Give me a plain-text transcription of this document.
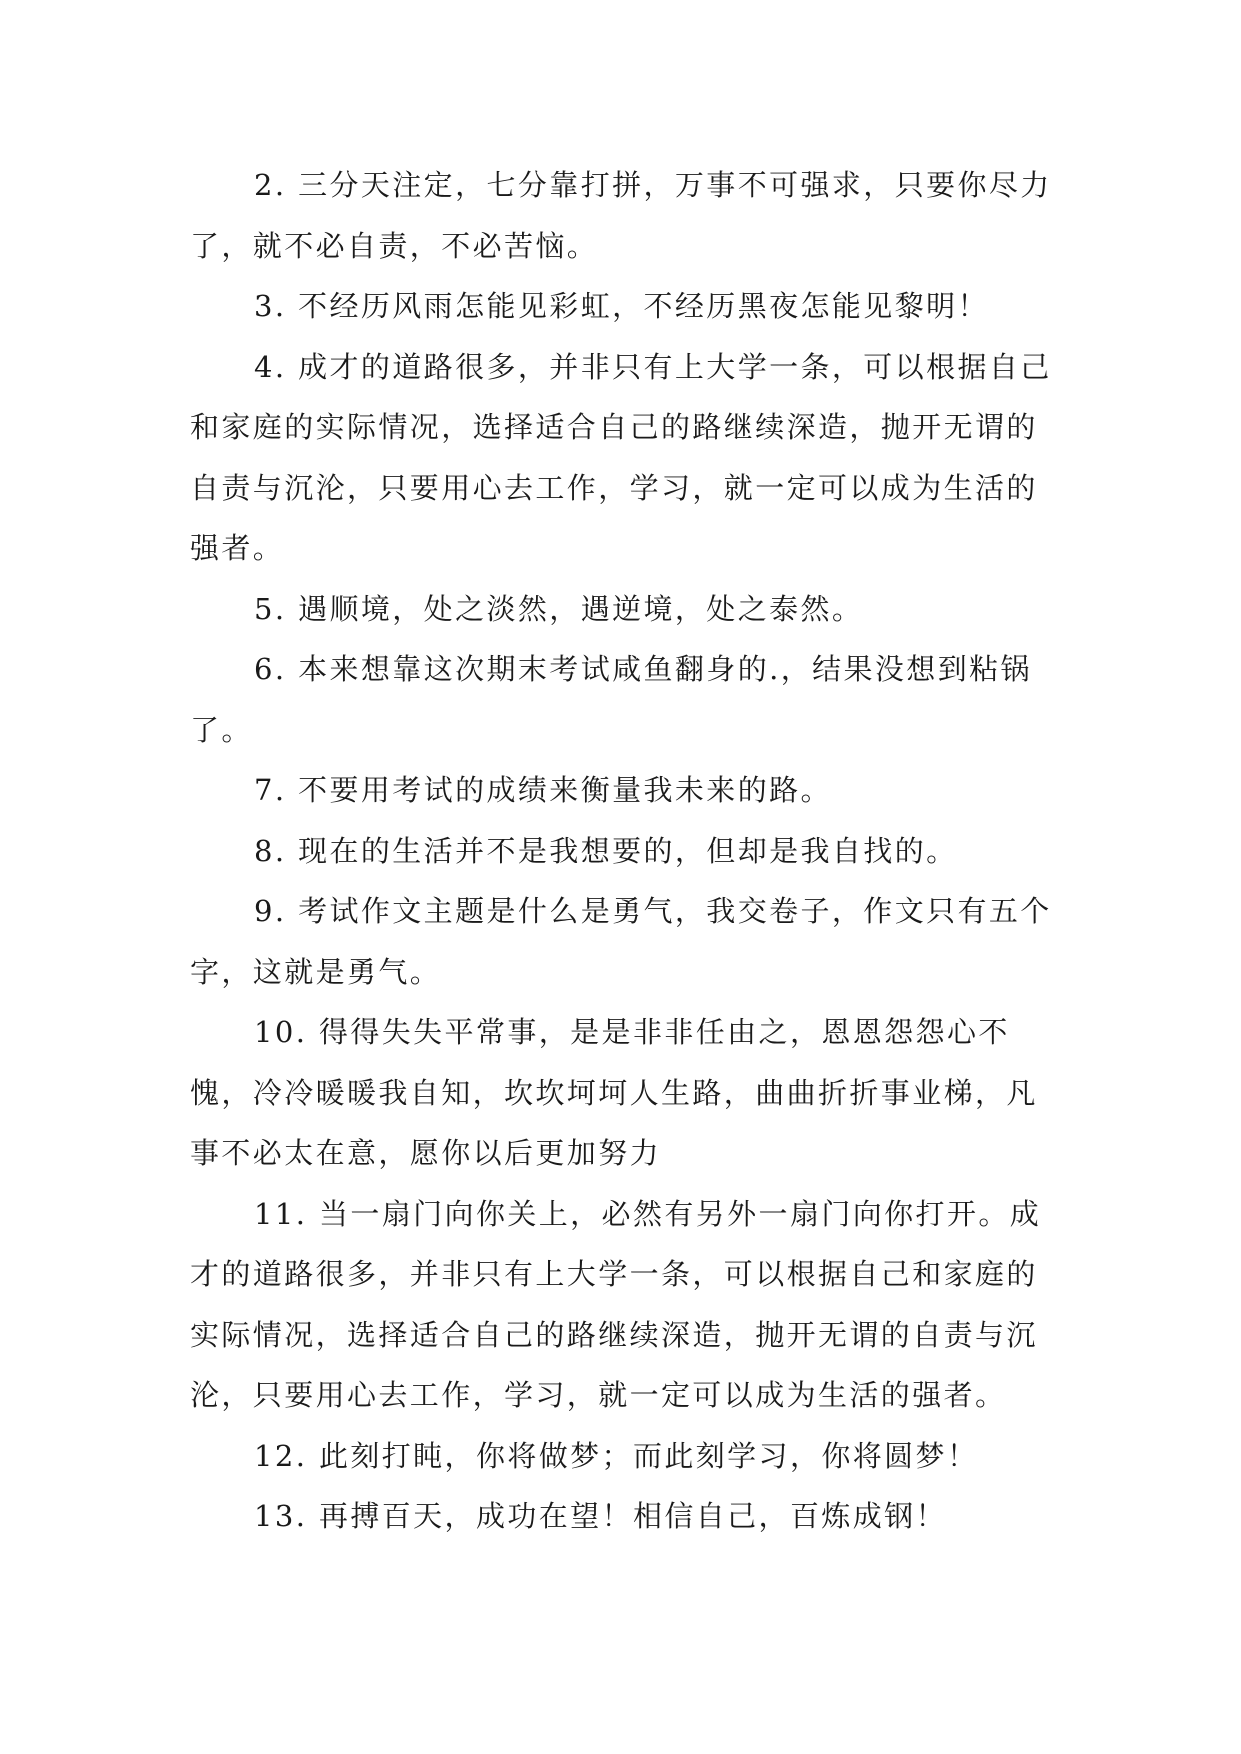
2. 三分天注定，七分靠打拼，万事不可强求，只要你尽力了，就不必自责，不必苦恼。

3. 不经历风雨怎能见彩虹，不经历黑夜怎能见黎明！

4. 成才的道路很多，并非只有上大学一条，可以根据自己和家庭的实际情况，选择适合自己的路继续深造，抛开无谓的自责与沉沦，只要用心去工作，学习，就一定可以成为生活的强者。

5. 遇顺境，处之淡然，遇逆境，处之泰然。

6. 本来想靠这次期末考试咸鱼翻身的.，结果没想到粘锅了。

7. 不要用考试的成绩来衡量我未来的路。

8. 现在的生活并不是我想要的，但却是我自找的。

9. 考试作文主题是什么是勇气，我交卷子，作文只有五个字，这就是勇气。

10. 得得失失平常事，是是非非任由之，恩恩怨怨心不愧，冷冷暖暖我自知，坎坎坷坷人生路，曲曲折折事业梯，凡事不必太在意，愿你以后更加努力

11. 当一扇门向你关上，必然有另外一扇门向你打开。成才的道路很多，并非只有上大学一条，可以根据自己和家庭的实际情况，选择适合自己的路继续深造，抛开无谓的自责与沉沦，只要用心去工作，学习，就一定可以成为生活的强者。

12. 此刻打盹，你将做梦；而此刻学习，你将圆梦！

13. 再搏百天，成功在望！相信自己，百炼成钢！
